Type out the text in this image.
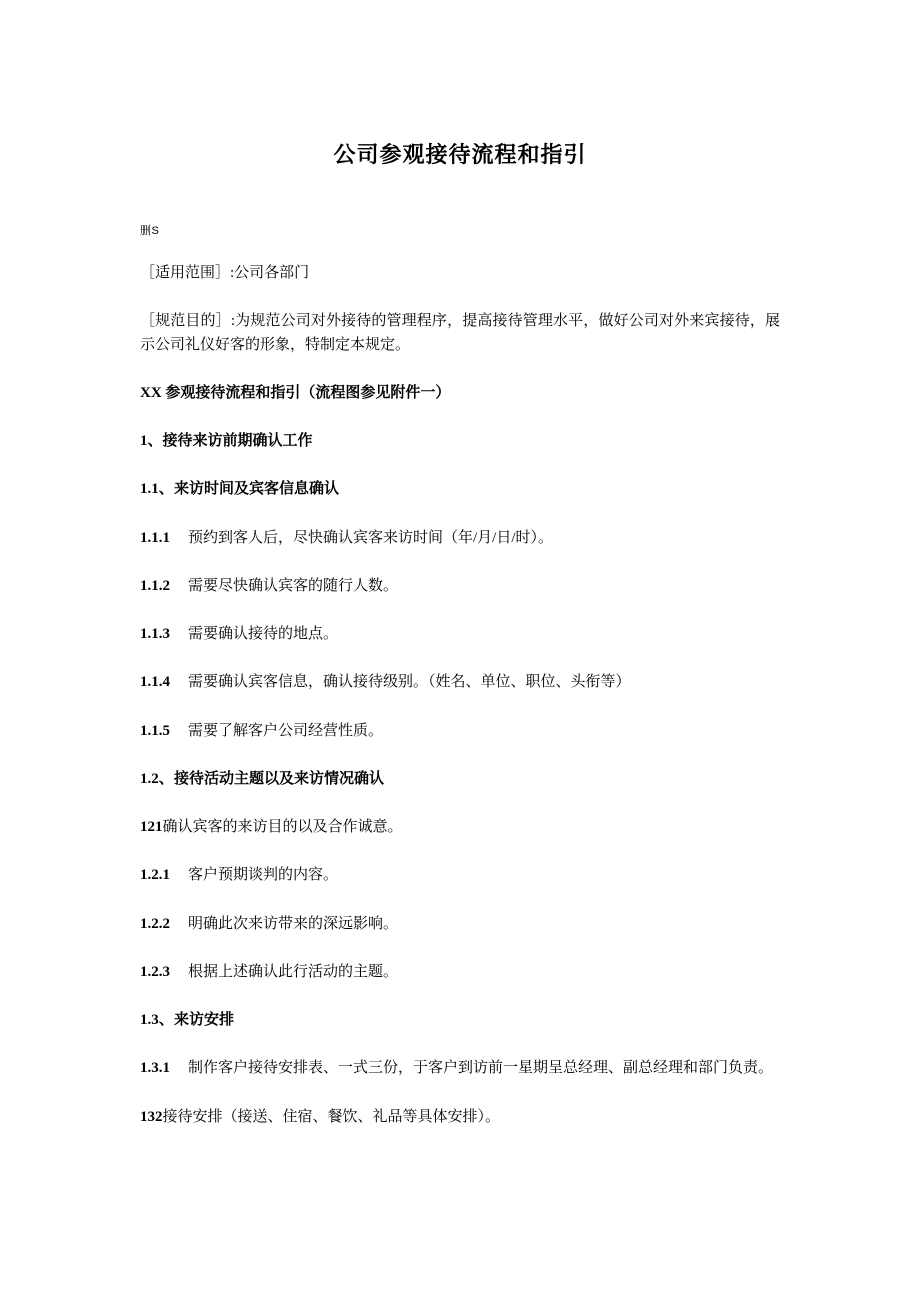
公司参观接待流程和指引

删S

［适用范围］:公司各部门

［规范目的］:为规范公司对外接待的管理程序，提高接待管理水平，做好公司对外来宾接待，展示公司礼仪好客的形象，特制定本规定。

XX 参观接待流程和指引（流程图参见附件一）

1、接待来访前期确认工作

1.1、来访时间及宾客信息确认

1.1.1 预约到客人后，尽快确认宾客来访时间（年/月/日/时）。

1.1.2 需要尽快确认宾客的随行人数。

1.1.3 需要确认接待的地点。

1.1.4 需要确认宾客信息，确认接待级别。（姓名、单位、职位、头衔等）

1.1.5 需要了解客户公司经营性质。

1.2、接待活动主题以及来访情况确认

121确认宾客的来访目的以及合作诚意。

1.2.1 客户预期谈判的内容。

1.2.2 明确此次来访带来的深远影响。

1.2.3 根据上述确认此行活动的主题。

1.3、来访安排

1.3.1 制作客户接待安排表、一式三份，于客户到访前一星期呈总经理、副总经理和部门负责。

132接待安排（接送、住宿、餐饮、礼品等具体安排）。
